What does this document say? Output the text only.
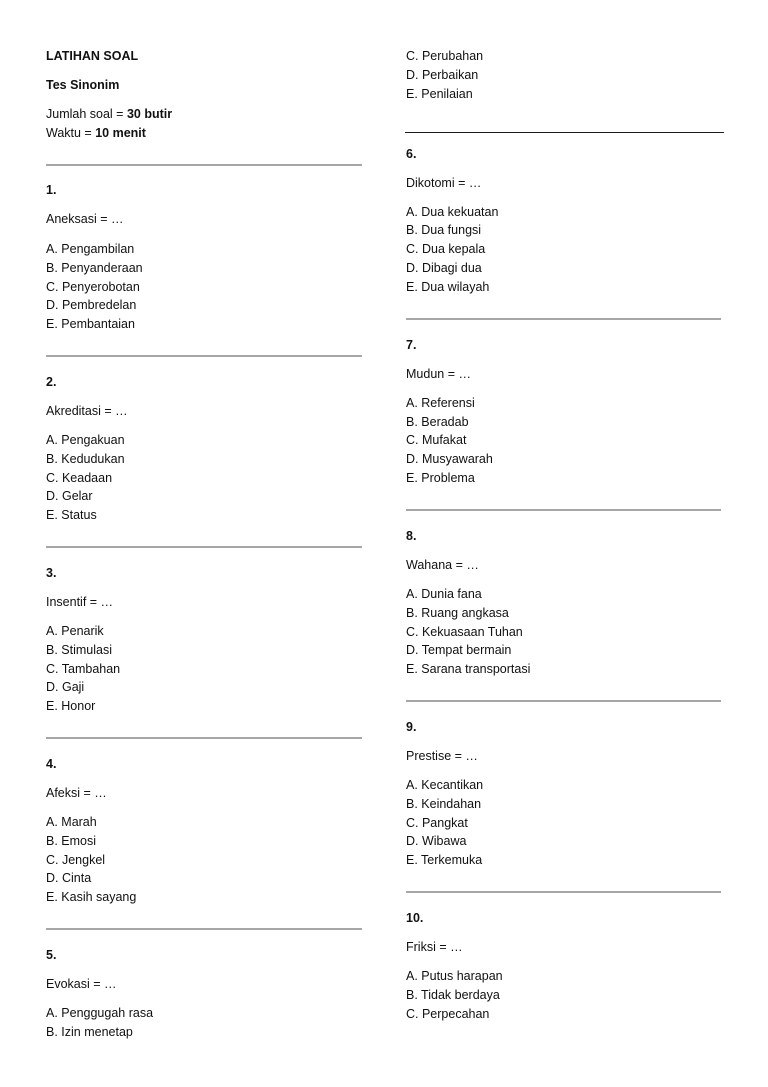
LATIHAN SOAL

Tes Sinonim

Jumlah soal = 30 butir

Waktu = 10 menit

1.

Aneksasi = …

A. Pengambilan

B. Penyanderaan

C. Penyerobotan

D. Pembredelan

E. Pembantaian

2.

Akreditasi = …

A. Pengakuan

B. Kedudukan

C. Keadaan

D. Gelar

E. Status

3.

Insentif = …

A. Penarik

B. Stimulasi

C. Tambahan

D. Gaji

E. Honor

4.

Afeksi = …

A. Marah

B. Emosi

C. Jengkel

D. Cinta

E. Kasih sayang

5.

Evokasi = …

A. Penggugah rasa

B. Izin menetap

C. Perubahan

D. Perbaikan

E. Penilaian

6.

Dikotomi = …

A. Dua kekuatan

B. Dua fungsi

C. Dua kepala

D. Dibagi dua

E. Dua wilayah

7.

Mudun = …

A. Referensi

B. Beradab

C. Mufakat

D. Musyawarah

E. Problema

8.

Wahana = …

A. Dunia fana

B. Ruang angkasa

C. Kekuasaan Tuhan

D. Tempat bermain

E. Sarana transportasi

9.

Prestise = …

A. Kecantikan

B. Keindahan

C. Pangkat

D. Wibawa

E. Terkemuka

10.

Friksi = …

A. Putus harapan

B. Tidak berdaya

C. Perpecahan
